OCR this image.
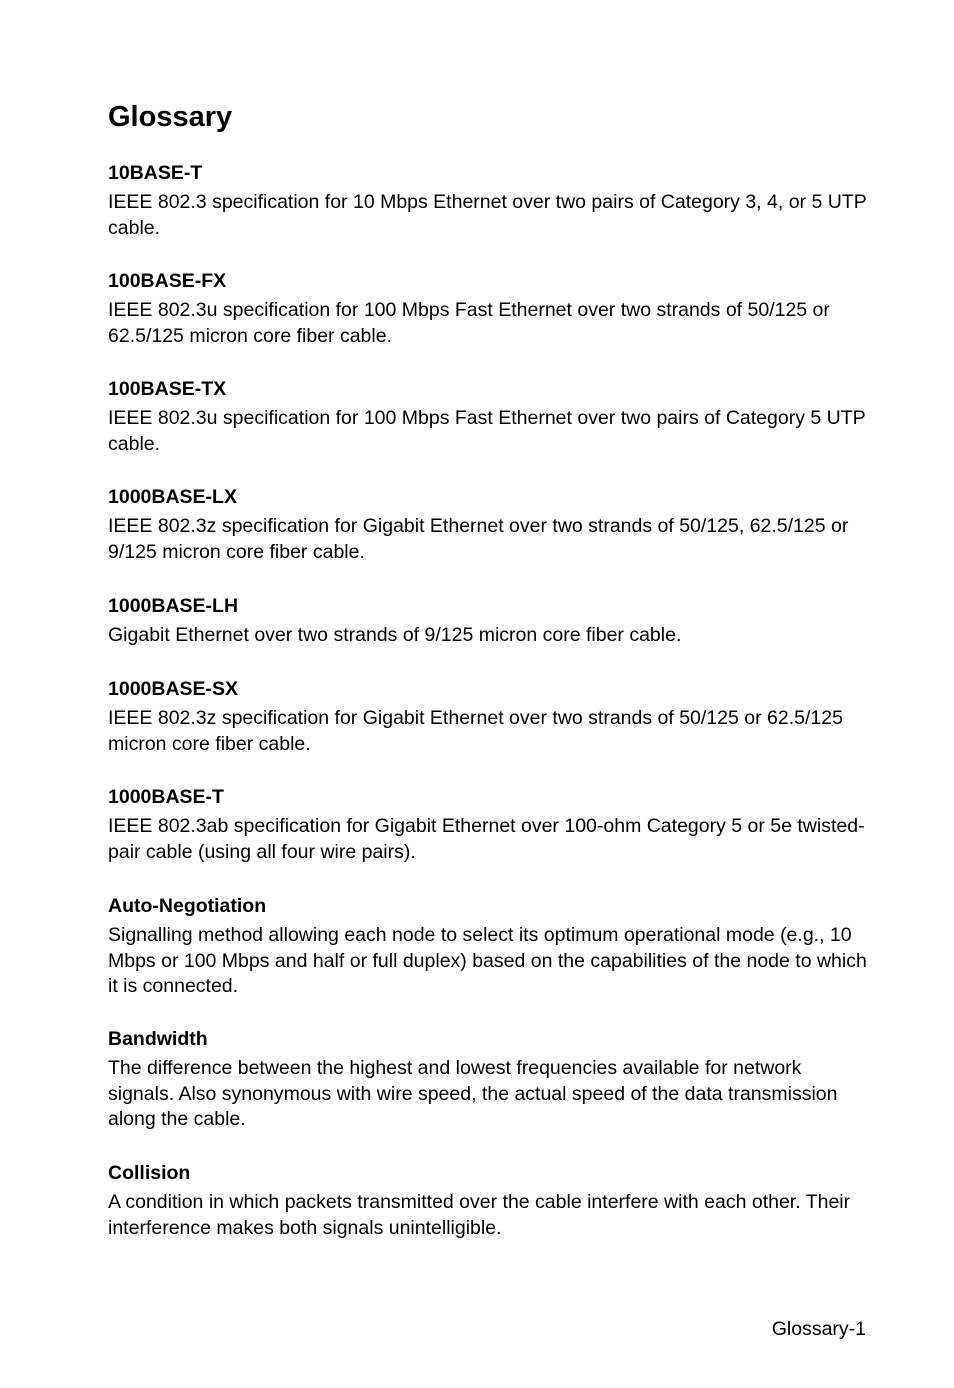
Glossary

10BASE-T

IEEE 802.3 specification for 10 Mbps Ethernet over two pairs of Category 3, 4, or 5 UTP cable.

100BASE-FX

IEEE 802.3u specification for 100 Mbps Fast Ethernet over two strands of 50/125 or 62.5/125 micron core fiber cable.

100BASE-TX

IEEE 802.3u specification for 100 Mbps Fast Ethernet over two pairs of Category 5 UTP cable.

1000BASE-LX

IEEE 802.3z specification for Gigabit Ethernet over two strands of 50/125, 62.5/125 or 9/125 micron core fiber cable.

1000BASE-LH

Gigabit Ethernet over two strands of 9/125 micron core fiber cable.

1000BASE-SX

IEEE 802.3z specification for Gigabit Ethernet over two strands of 50/125 or 62.5/125 micron core fiber cable.

1000BASE-T

IEEE 802.3ab specification for Gigabit Ethernet over 100-ohm Category 5 or 5e twisted-pair cable (using all four wire pairs).

Auto-Negotiation

Signalling method allowing each node to select its optimum operational mode (e.g., 10 Mbps or 100 Mbps and half or full duplex) based on the capabilities of the node to which it is connected.

Bandwidth

The difference between the highest and lowest frequencies available for network signals. Also synonymous with wire speed, the actual speed of the data transmission along the cable.

Collision

A condition in which packets transmitted over the cable interfere with each other. Their interference makes both signals unintelligible.

Glossary-1
